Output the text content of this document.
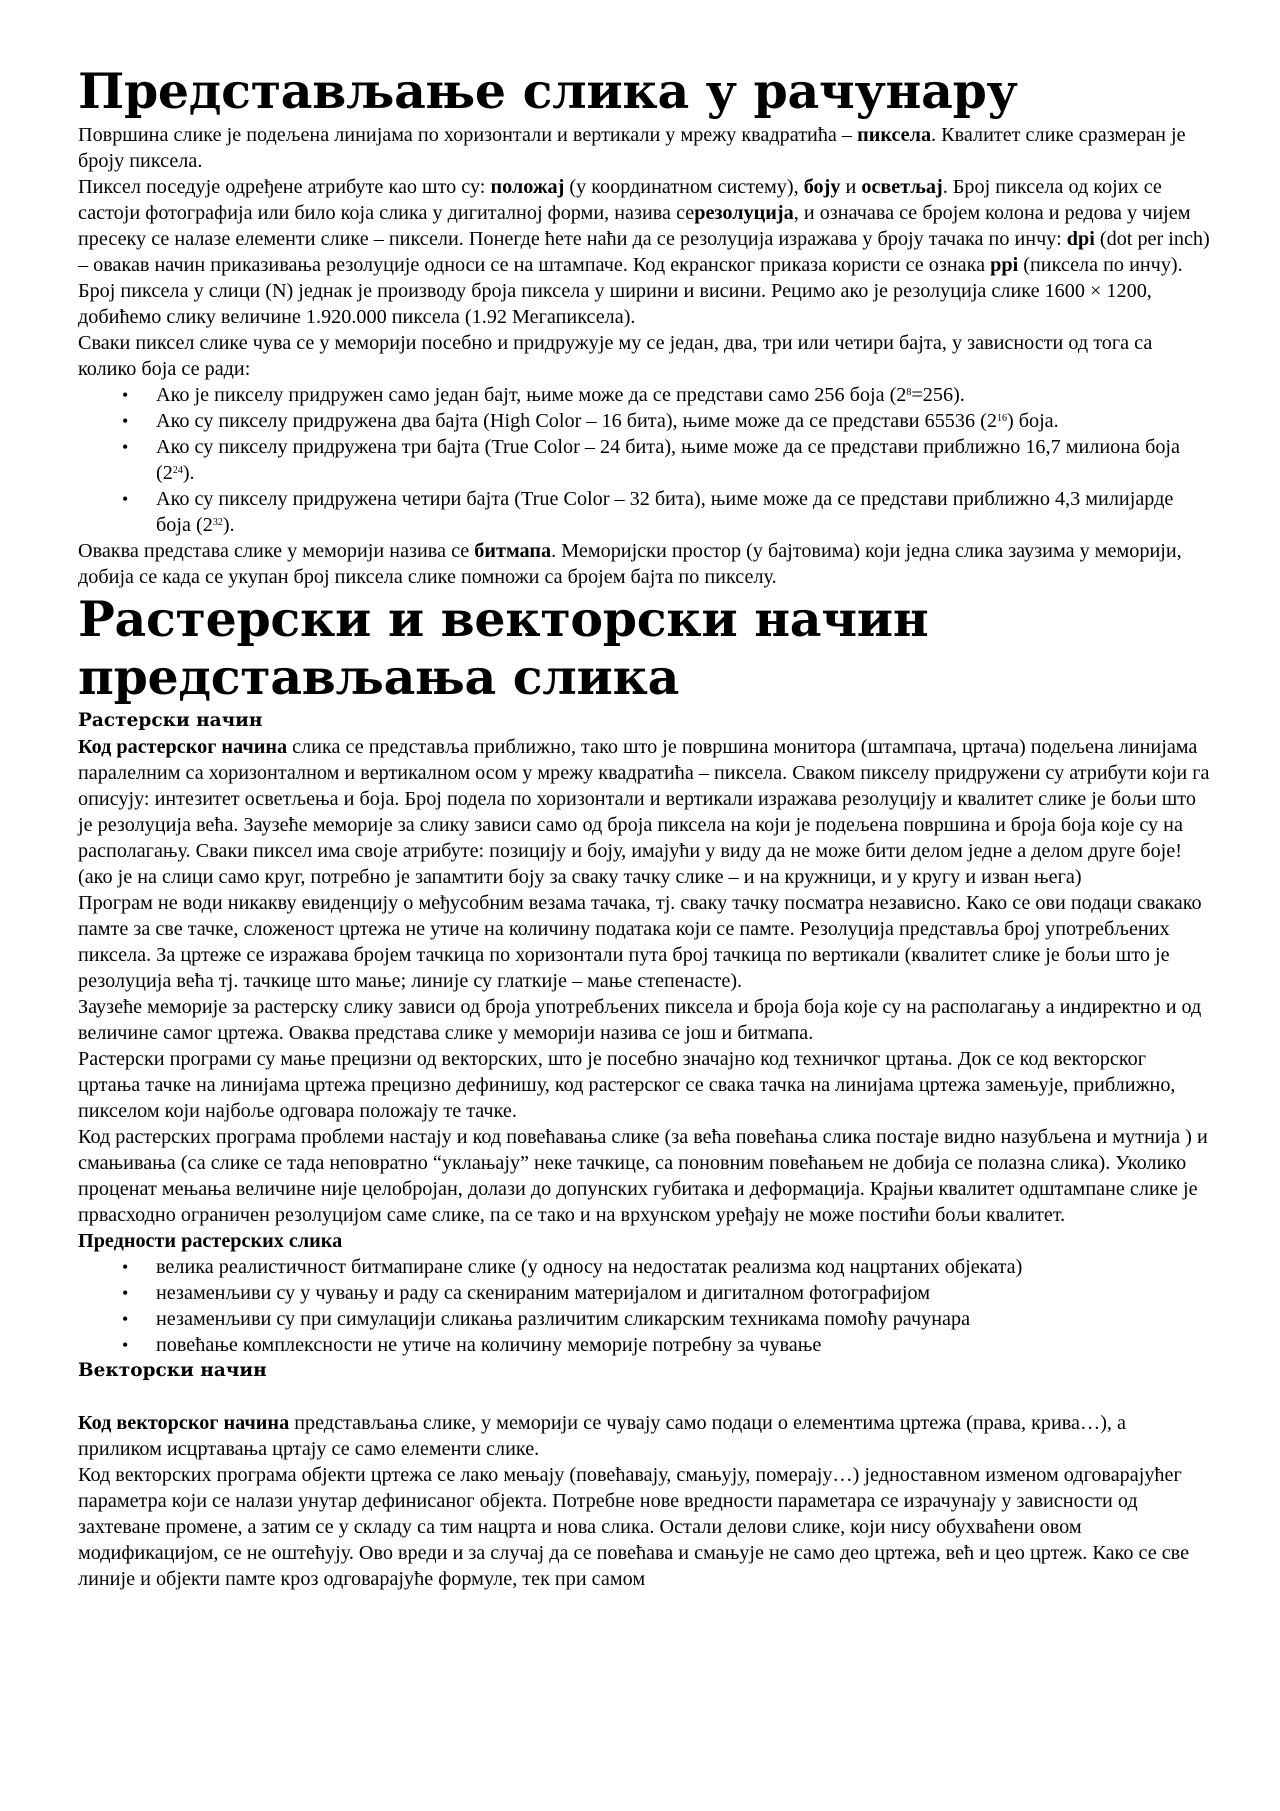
Представљање слика у рачунару

Површина слике је подељена линијама по хоризонтали и вертикали у мрежу квадратића – пиксела. Квалитет слике сразмеран је броју пиксела.

Пиксел поседује одређене атрибуте као што су: положај (у координатном систему), боју и осветљај. Број пиксела од којих се састоји фотографија или било која слика у дигиталној форми, назива серезолуција, и означава се бројем колона и редова у чијем пресеку се налазе елементи слике – пиксели. Понегде ћете наћи да се резолуција изражава у броју тачака по инчу: dpi (dot per inch) – овакав начин приказивања резолуције односи се на штампаче. Код екранског приказа користи се ознака ppi (пиксела по инчу).

Број пиксела у слици (N) једнак је производу броја пиксела у ширини и висини. Рецимо ако је резолуција слике 1600 × 1200, добићемо слику величине 1.920.000 пиксела (1.92 Мегапиксела).

Сваки пиксел слике чува се у меморији посебно и придружује му се један, два, три или четири бајта, у зависности од тога са колико боја се ради:

• Ако је пикселу придружен само један бајт, њиме може да се представи само 256 боја $(2^8=256)$.
• Ако су пикселу придружена два бајта (High Color – 16 бита), њиме може да се представи 65536 $(2^{16})$ боја.
• Ако су пикселу придружена три бајта (True Color – 24 бита), њиме може да се представи приближно 16,7 милиона боја $(2^{24})$.
• Ако су пикселу придружена четири бајта (True Color – 32 бита), њиме може да се представи приближно 4,3 милијарде боја $(2^{32})$.

Оваква представа слике у меморији назива се битмапа. Меморијски простор (у бајтовима) који једна слика заузима у меморији, добија се када се укупан број пиксела слике помножи са бројем бајта по пикселу.

Растерски и векторски начин представљања слика
Растерски начин

Код растерског начина слика се представља приближно, тако што је површина монитора (штампача, цртача) подељена линијама паралелним са хоризонталном и вертикалном осом у мрежу квадратића – пиксела. Сваком пикселу придружени су атрибути који га описују: интезитет осветљења и боја. Број подела по хоризонтали и вертикали изражава резолуцију и квалитет слике је бољи што је резолуција већа. Заузеће меморије за слику зависи само од броја пиксела на који је подељена површина и броја боја које су на располагању. Сваки пиксел има своје атрибуте: позицију и боју, имајући у виду да не може бити делом једне а делом друге боје! (ако је на слици само круг, потребно је запамтити боју за сваку тачку слике – и на кружници, и у кругу и изван њега)

Програм не води никакву евиденцију о међусобним везама тачака, тј. сваку тачку посматра независно. Како се ови подаци свакако памте за све тачке, сложеност цртежа не утиче на количину података који се памте. Резолуција представља број употребљених пиксела. За цртеже се изражава бројем тачкица по хоризонтали пута број тачкица по вертикали (квалитет слике је бољи што је резолуција већа тј. тачкице што мање; линије су глаткије – мање степенасте).

Заузеће меморије за растерску слику зависи од броја употребљених пиксела и броја боја које су на располагању а индиректно и од величине самог цртежа. Оваква представа слике у меморији назива се још и битмапа.

Растерски програми су мање прецизни од векторских, што је посебно значајно код техничког цртања. Док се код векторског цртања тачке на линијама цртежа прецизно дефинишу, код растерског се свака тачка на линијама цртежа замењује, приближно, пикселом који најбоље одговара положају те тачке.

Код растерских програма проблеми настају и код повећавања слике (за већа повећања слика постаје видно назубљена и мутнија ) и смањивања (са слике се тада неповратно “уклањају” неке тачкице, са поновним повећањем не добија се полазна слика). Уколико проценат мењања величине није целобројан, долази до допунских губитака и деформација. Крајњи квалитет одштампане слике је првасходно ограничен резолуцијом саме слике, па се тако и на врхунском уређају не може постићи бољи квалитет.

Предности растерских слика

• велика реалистичност битмапиране слике (у односу на недостатак реализма код нацртаних објеката)
• незаменљиви су у чувању и раду са скенираним материјалом и дигиталном фотографијом
• незаменљиви су при симулацији сликања различитим сликарским техникама помоћу рачунара
• повећање комплексности не утиче на количину меморије потребну за чување
Векторски начин

Код векторског начина представљања слике, у меморији се чувају само подаци о елементима цртежа (права, крива…), а приликом исцртавања цртају се само елементи слике.

Код векторских програма објекти цртежа се лако мењају (повећавају, смањују, померају…) једноставном изменом одговарајућег параметра који се налази унутар дефинисаног објекта. Потребне нове вредности параметара се израчунају у зависности од захтеване промене, а затим се у складу са тим нацрта и нова слика. Остали делови слике, који нису обухваћени овом модификацијом, се не оштећују. Ово вреди и за случај да се повећава и смањује не само део цртежа, већ и цео цртеж. Како се све линије и објекти памте кроз одговарајуће формуле, тек при самом
